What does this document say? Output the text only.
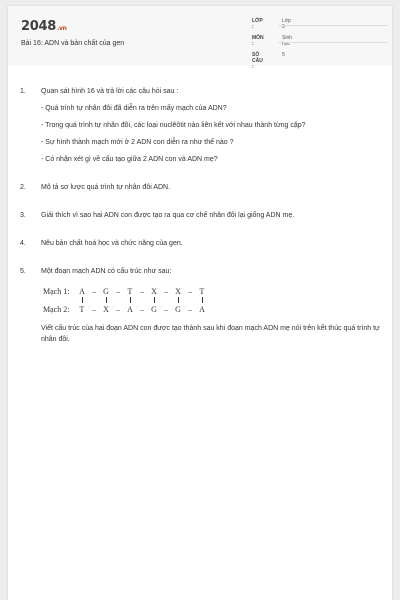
2048.vn
Bài 16: ADN và bản chất của gen
LỚP :
Lớp 9
MÔN :
Sinh học
SỐ CÂU :
5
1. Quan sát hình 16 và trả lời các câu hỏi sau :
- Quá trình tự nhân đôi đã diễn ra trên mấy mạch của ADN?
- Trong quá trình tự nhân đôi, các loại nuclêôtit nào liên kết với nhau thành từng cặp?
- Sự hình thành mạch mới ở 2 ADN con diễn ra như thế nào ?
- Có nhận xét gì về cấu tạo giữa 2 ADN con và ADN mẹ?
2. Mô tả sơ lược quá trình tự nhân đôi ADN.
3. Giải thích vì sao hai ADN con được tạo ra qua cơ chế nhân đôi lại giống ADN mẹ.
4. Nêu bản chất hoá học và chức năng của gen.
5. Một đoạn mạch ADN có cấu trúc như sau:
Mạch 1:	A – G – T – X – X – T
Mạch 2:	T – X – A – G – G – A
Viết cấu trúc của hai đoạn ADN con được tạo thành sau khi đoạn mạch ADN mẹ nói trên kết thúc quá trình tự nhân đôi.
